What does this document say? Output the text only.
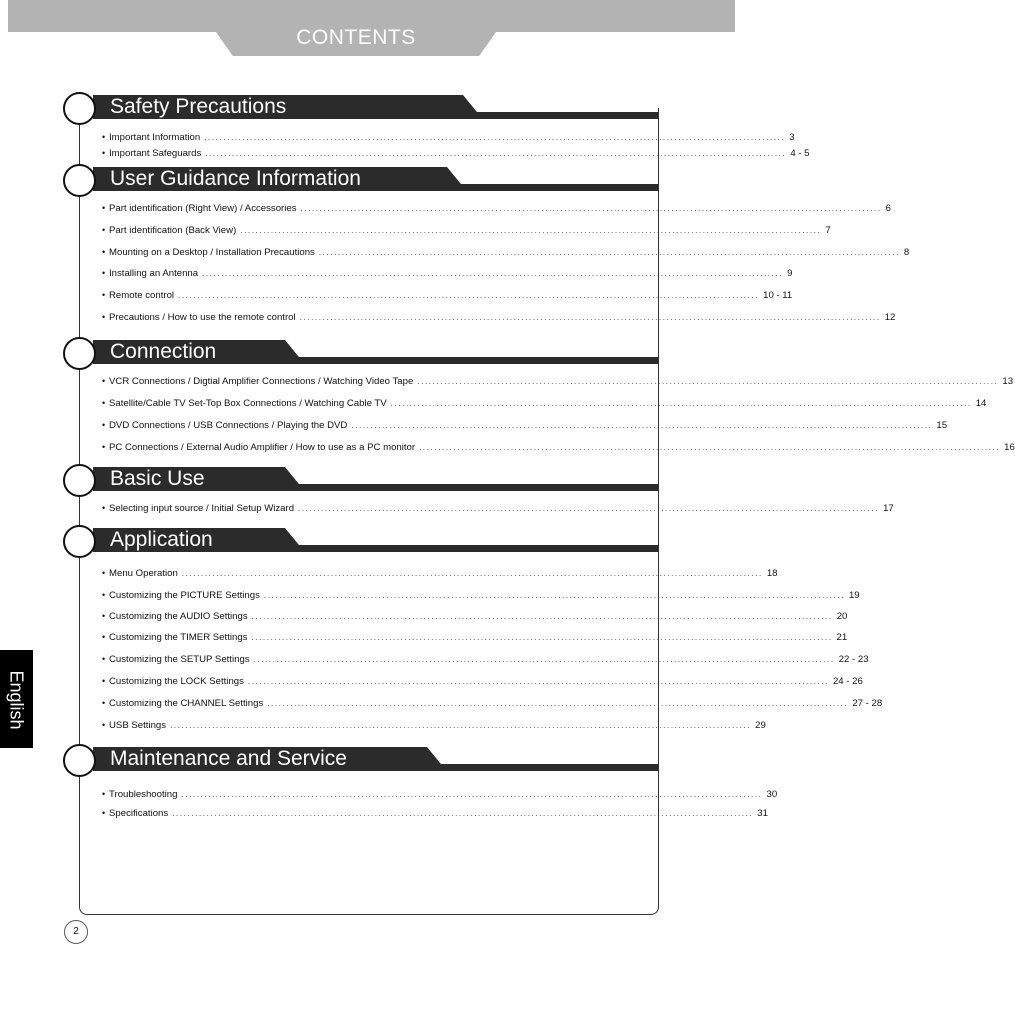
CONTENTS
Safety Precautions
User Guidance Information
Connection
Basic Use
Application
Maintenance and Service
• Important Information ........................................................................................................................................................ 3
• Important Safeguards ........................................................................................................................................................ 4 - 5
• Part identification (Right View) / Accessories ........................................................................................................................................................ 6
• Part identification (Back View) ........................................................................................................................................................ 7
• Mounting on a Desktop / Installation Precautions ........................................................................................................................................................ 8
• Installing an Antenna ........................................................................................................................................................ 9
• Remote control ........................................................................................................................................................ 10 - 11
• Precautions / How to use the remote control ........................................................................................................................................................ 12
• VCR Connections / Digtial Amplifier Connections / Watching Video Tape ........................................................................................................................................................ 13
• Satellite/Cable TV Set-Top Box Connections / Watching Cable TV ........................................................................................................................................................ 14
• DVD Connections / USB Connections / Playing the DVD ........................................................................................................................................................ 15
• PC Connections / External Audio Amplifier / How to use as a PC monitor ........................................................................................................................................................ 16
• Selecting input source / Initial Setup Wizard ........................................................................................................................................................ 17
• Menu Operation ........................................................................................................................................................ 18
• Customizing the PICTURE Settings ........................................................................................................................................................ 19
• Customizing the AUDIO Settings ........................................................................................................................................................ 20
• Customizing the TIMER Settings ........................................................................................................................................................ 21
• Customizing the SETUP Settings ........................................................................................................................................................ 22 - 23
• Customizing the LOCK Settings ........................................................................................................................................................ 24 - 26
• Customizing the CHANNEL Settings ........................................................................................................................................................ 27 - 28
• USB Settings ........................................................................................................................................................ 29
• Troubleshooting ........................................................................................................................................................ 30
• Specifications ........................................................................................................................................................ 31
English
2
